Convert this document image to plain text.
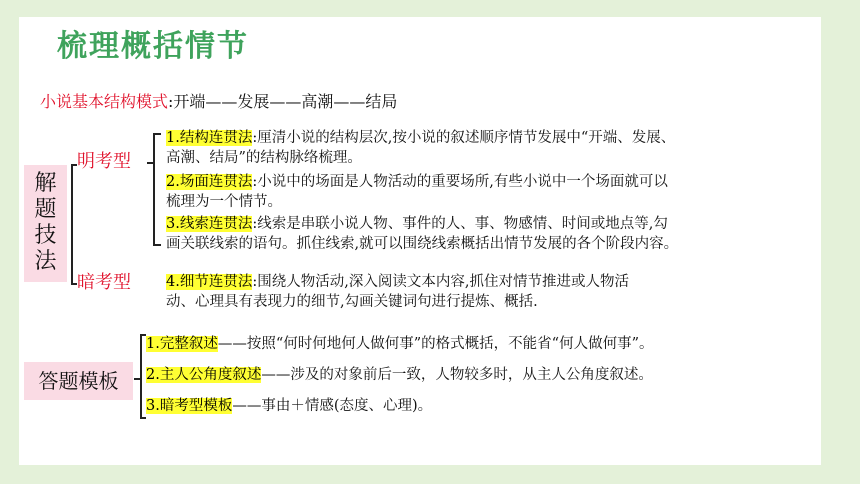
梳理概括情节
小说基本结构模式:开端——发展——高潮——结局
解
题
技
法
明考型
暗考型
1.结构连贯法:厘清小说的结构层次,按小说的叙述顺序情节发展中“开端、发展、
高潮、结局”的结构脉络梳理。
2.场面连贯法:小说中的场面是人物活动的重要场所,有些小说中一个场面就可以
梳理为一个情节。
3.线索连贯法:线索是串联小说人物、事件的人、事、物感情、时间或地点等,勾
画关联线索的语句。抓住线索,就可以围绕线索概括出情节发展的各个阶段内容。
4.细节连贯法:围绕人物活动,深入阅读文本内容,抓住对情节推进或人物活
动、心理具有表现力的细节,勾画关键词句进行提炼、概括.
答题模板
1.完整叙述——按照“何时何地何人做何事”的格式概括，不能省“何人做何事”。
2.主人公角度叙述——涉及的对象前后一致，人物较多时，从主人公角度叙述。
3.暗考型模板——事由＋情感(态度、心理)。
